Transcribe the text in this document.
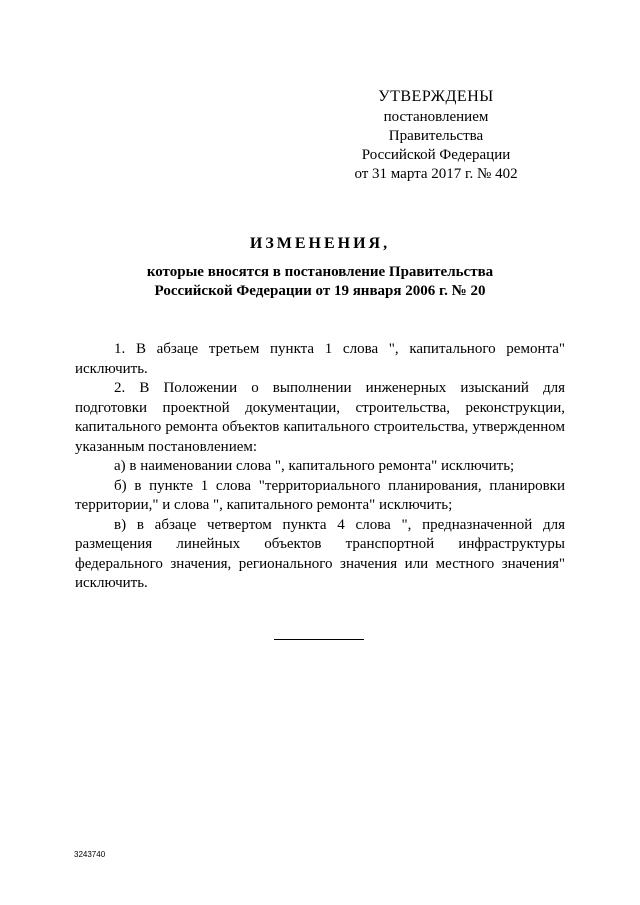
УТВЕРЖДЕНЫ
постановлением Правительства
Российской Федерации
от 31 марта 2017 г. № 402
ИЗМЕНЕНИЯ,
которые вносятся в постановление Правительства
Российской Федерации от 19 января 2006 г. № 20

1. В абзаце третьем пункта 1 слова ", капитального ремонта" исключить.

2. В Положении о выполнении инженерных изысканий для подготовки проектной документации, строительства, реконструкции, капитального ремонта объектов капитального строительства, утвержденном указанным постановлением:

а) в наименовании слова ", капитального ремонта" исключить;

б) в пункте 1 слова "территориального планирования, планировки территории," и слова ", капитального ремонта" исключить;

в) в абзаце четвертом пункта 4 слова ", предназначенной для размещения линейных объектов транспортной инфраструктуры федерального значения, регионального значения или местного значения" исключить.

3243740
